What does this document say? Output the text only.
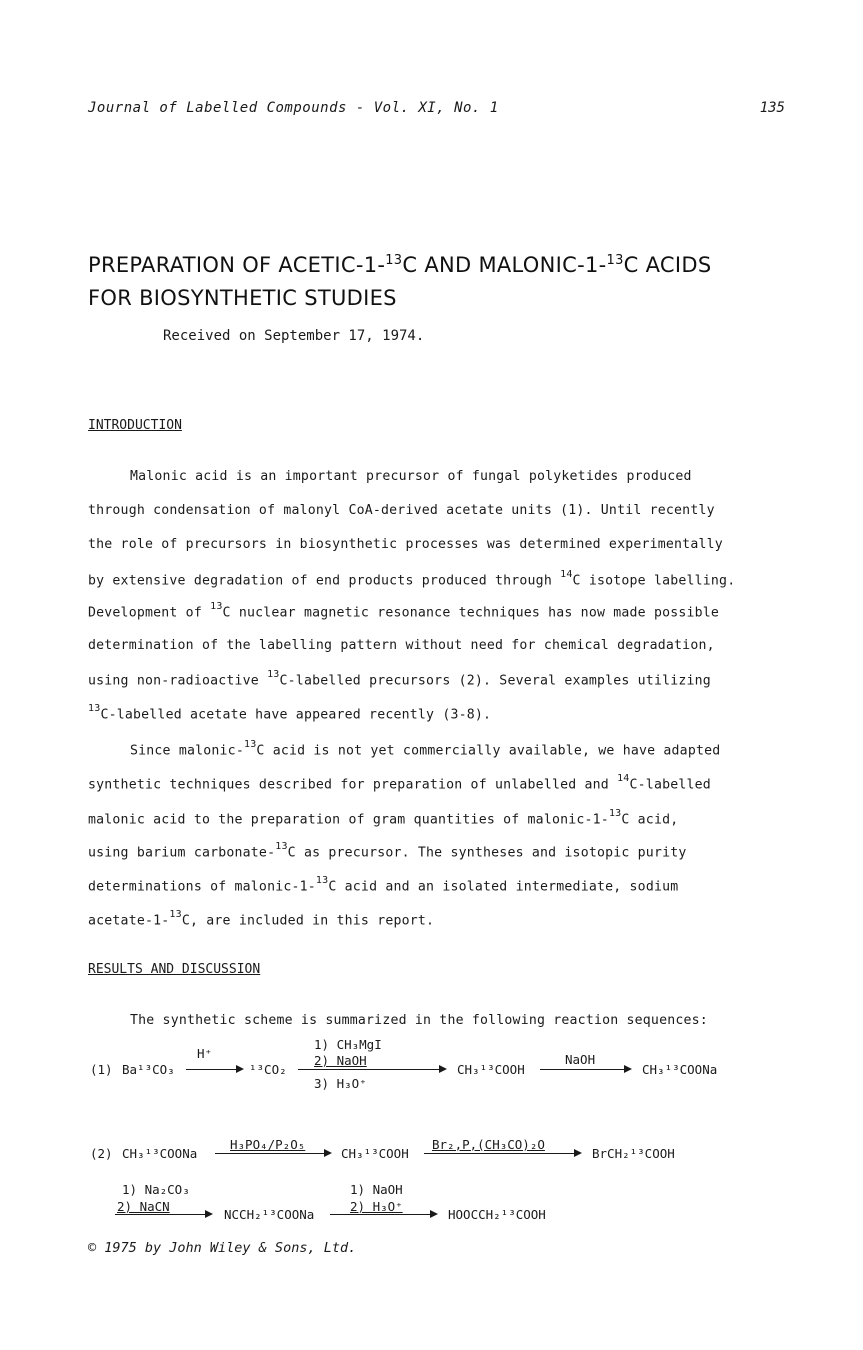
Journal of Labelled Compounds - Vol. XI, No. 1	135
PREPARATION OF ACETIC-1-$^{13}$C AND MALONIC-1-$^{13}$C ACIDS
FOR BIOSYNTHETIC STUDIES
Received on September 17, 1974.
INTRODUCTION
Malonic acid is an important precursor of fungal polyketides produced
through condensation of malonyl CoA-derived acetate units (1). Until recently
the role of precursors in biosynthetic processes was determined experimentally
by extensive degradation of end products produced through $^{14}$C isotope labelling.
Development of $^{13}$C nuclear magnetic resonance techniques has now made possible
determination of the labelling pattern without need for chemical degradation,
using non-radioactive $^{13}$C-labelled precursors (2). Several examples utilizing
$^{13}$C-labelled acetate have appeared recently (3-8).
Since malonic-$^{13}$C acid is not yet commercially available, we have adapted
synthetic techniques described for preparation of unlabelled and $^{14}$C-labelled
malonic acid to the preparation of gram quantities of malonic-1-$^{13}$C acid,
using barium carbonate-$^{13}$C as precursor. The syntheses and isotopic purity
determinations of malonic-1-$^{13}$C acid and an isolated intermediate, sodium
acetate-1-$^{13}$C, are included in this report.
RESULTS AND DISCUSSION
The synthetic scheme is summarized in the following reaction sequences:
(1) Ba¹³CO₃
H⁺
→ ¹³CO₂
1) CH₃MgI
2) NaOH
3) H₃O⁺
CH₃¹³COOH
NaOH
CH₃¹³COONa
(2) CH₃¹³COONa
H₃PO₄/P₂O₅
CH₃¹³COOH
Br₂,P,(CH₃CO)₂O
BrCH₂¹³COOH
1) Na₂CO₃
2) NaCN
NCCH₂¹³COONa
1) NaOH
2) H₃O⁺
HOOCCH₂¹³COOH
© 1975 by John Wiley & Sons, Ltd.
